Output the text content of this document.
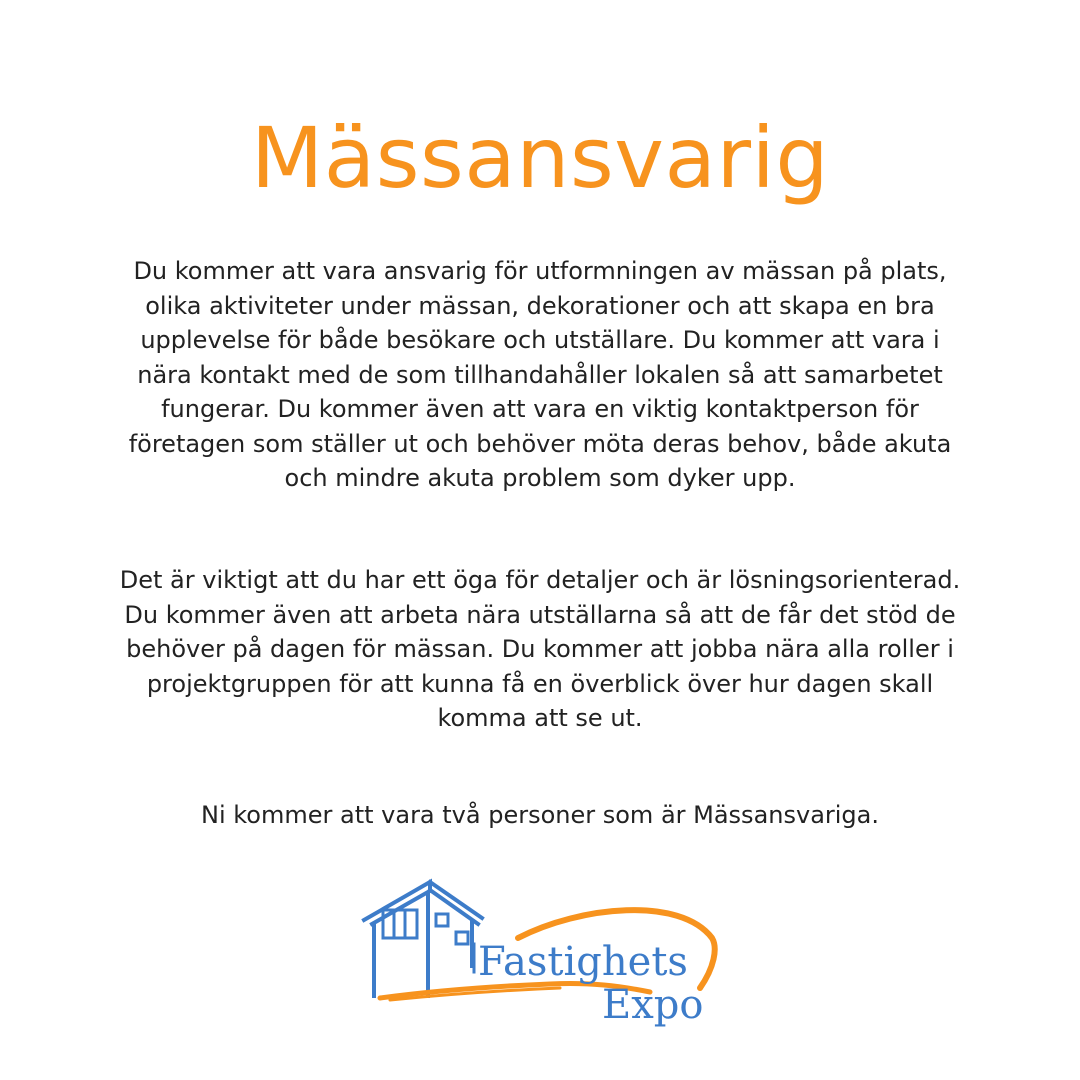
Mässansvarig
Du kommer att vara ansvarig för utformningen av mässan på plats,
olika aktiviteter under mässan, dekorationer och att skapa en bra
upplevelse för både besökare och utställare. Du kommer att vara i
nära kontakt med de som tillhandahåller lokalen så att samarbetet
fungerar. Du kommer även att vara en viktig kontaktperson för
företagen som ställer ut och behöver möta deras behov, både akuta
och mindre akuta problem som dyker upp.
Det är viktigt att du har ett öga för detaljer och är lösningsorienterad.
Du kommer även att arbeta nära utställarna så att de får det stöd de
behöver på dagen för mässan. Du kommer att jobba nära alla roller i
projektgruppen för att kunna få en överblick över hur dagen skall
komma att se ut.
Ni kommer att vara två personer som är Mässansvariga.
Fastighets
Expo
